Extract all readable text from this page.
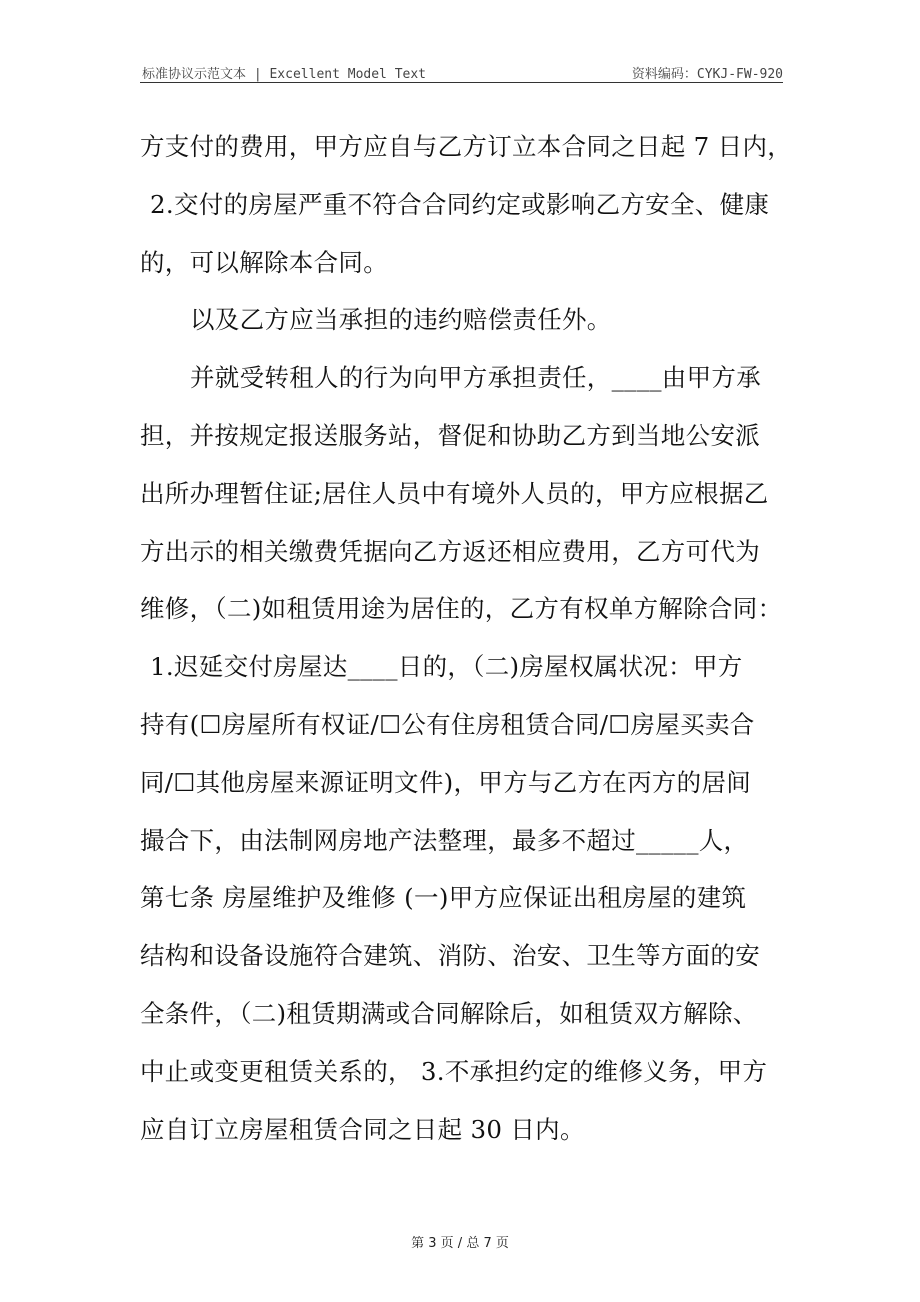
标准协议示范文本 | Excellent Model Text	资料编码：CYKJ-FW-920
方支付的费用，甲方应自与乙方订立本合同之日起 7 日内，
2.交付的房屋严重不符合合同约定或影响乙方安全、健康
的，可以解除本合同。
以及乙方应当承担的违约赔偿责任外。
并就受转租人的行为向甲方承担责任，____由甲方承
担，并按规定报送服务站，督促和协助乙方到当地公安派
出所办理暂住证;居住人员中有境外人员的，甲方应根据乙
方出示的相关缴费凭据向乙方返还相应费用，乙方可代为
维修，（二)如租赁用途为居住的，乙方有权单方解除合同：
1.迟延交付房屋达____日的，（二)房屋权属状况：甲方
持有(☐房屋所有权证/☐公有住房租赁合同/☐房屋买卖合
同/☐其他房屋来源证明文件)，甲方与乙方在丙方的居间
撮合下，由法制网房地产法整理，最多不超过_____人，
第七条 房屋维护及维修 (一)甲方应保证出租房屋的建筑
结构和设备设施符合建筑、消防、治安、卫生等方面的安
全条件，（二)租赁期满或合同解除后，如租赁双方解除、
中止或变更租赁关系的， 3.不承担约定的维修义务，甲方
应自订立房屋租赁合同之日起 30 日内。
第 3 页 / 总 7 页
